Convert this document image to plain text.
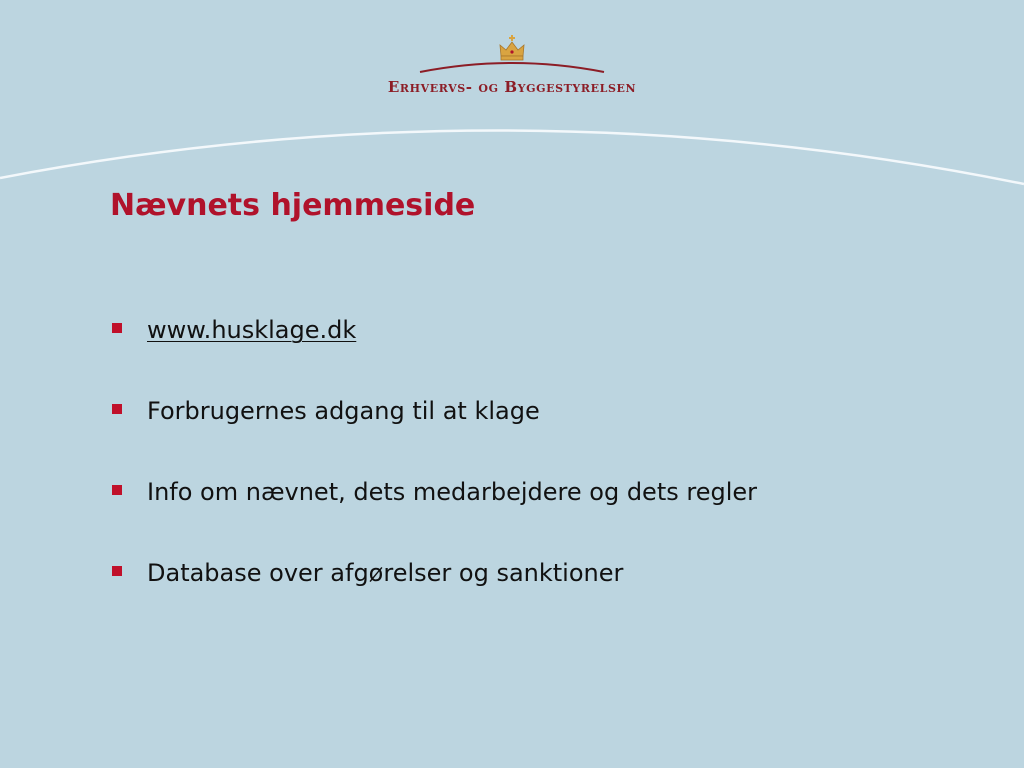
Erhvervs- og Byggestyrelsen
Nævnets hjemmeside
www.husklage.dk
Forbrugernes adgang til at klage
Info om nævnet, dets medarbejdere og dets regler
Database over afgørelser og sanktioner
